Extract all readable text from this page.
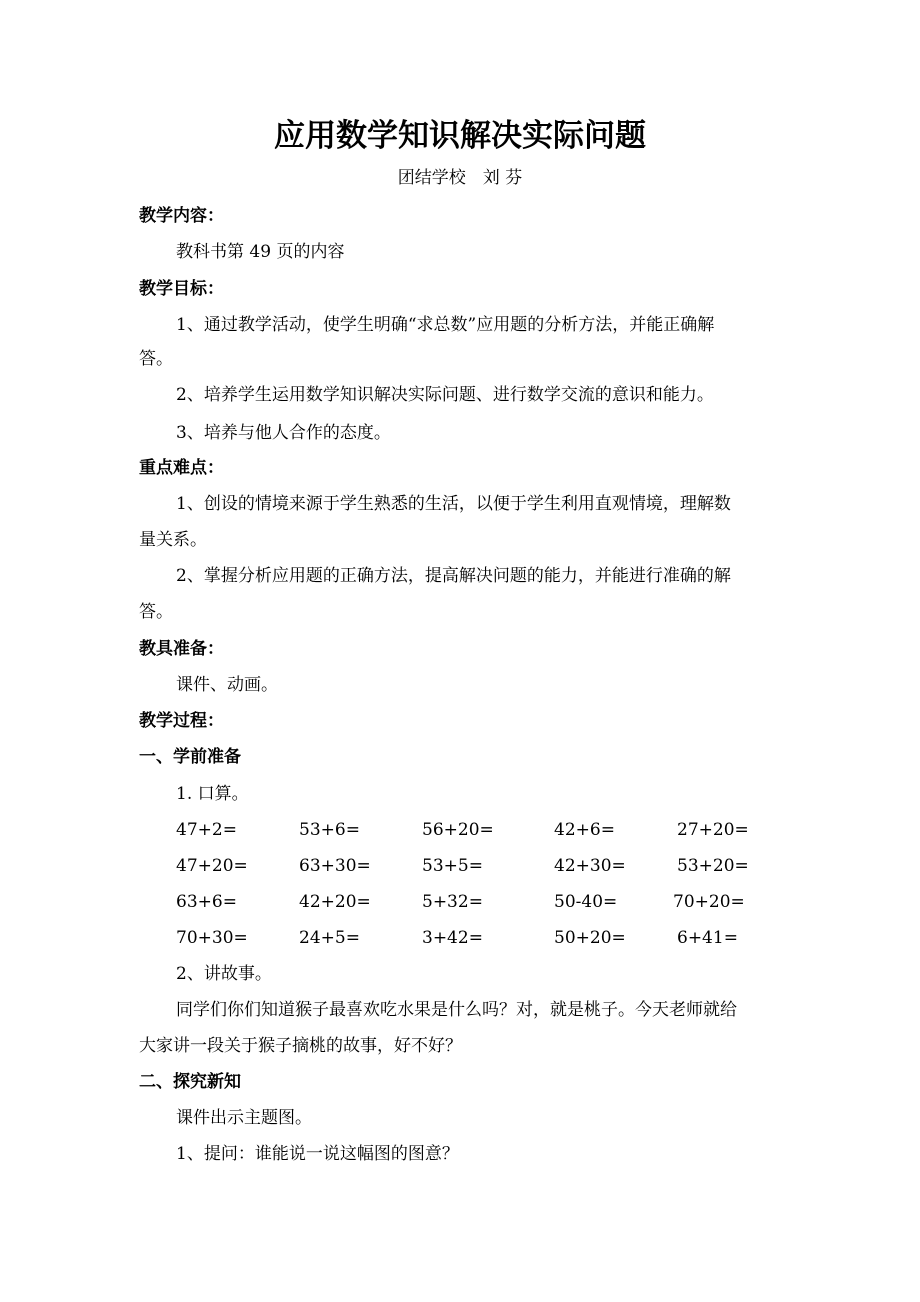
应用数学知识解决实际问题
团结学校　刘 芬
教学内容：
教科书第 49 页的内容
教学目标：
1、通过教学活动，使学生明确“求总数”应用题的分析方法，并能正确解
答。
2、培养学生运用数学知识解决实际问题、进行数学交流的意识和能力。
3、培养与他人合作的态度。
重点难点：
1、创设的情境来源于学生熟悉的生活，以便于学生利用直观情境，理解数
量关系。
2、掌握分析应用题的正确方法，提高解决问题的能力，并能进行准确的解
答。
教具准备：
课件、动画。
教学过程：
一、学前准备
1. 口算。
47+2=	53+6=	56+20=	42+6=	27+20=
47+20=	63+30=	53+5=	42+30=	53+20=
63+6=	42+20=	5+32=	50-40=	70+20=
70+30=	24+5=	3+42=	50+20=	6+41=
2、讲故事。
同学们你们知道猴子最喜欢吃水果是什么吗？对，就是桃子。今天老师就给
大家讲一段关于猴子摘桃的故事，好不好？
二、探究新知
课件出示主题图。
1、提问：谁能说一说这幅图的图意？
